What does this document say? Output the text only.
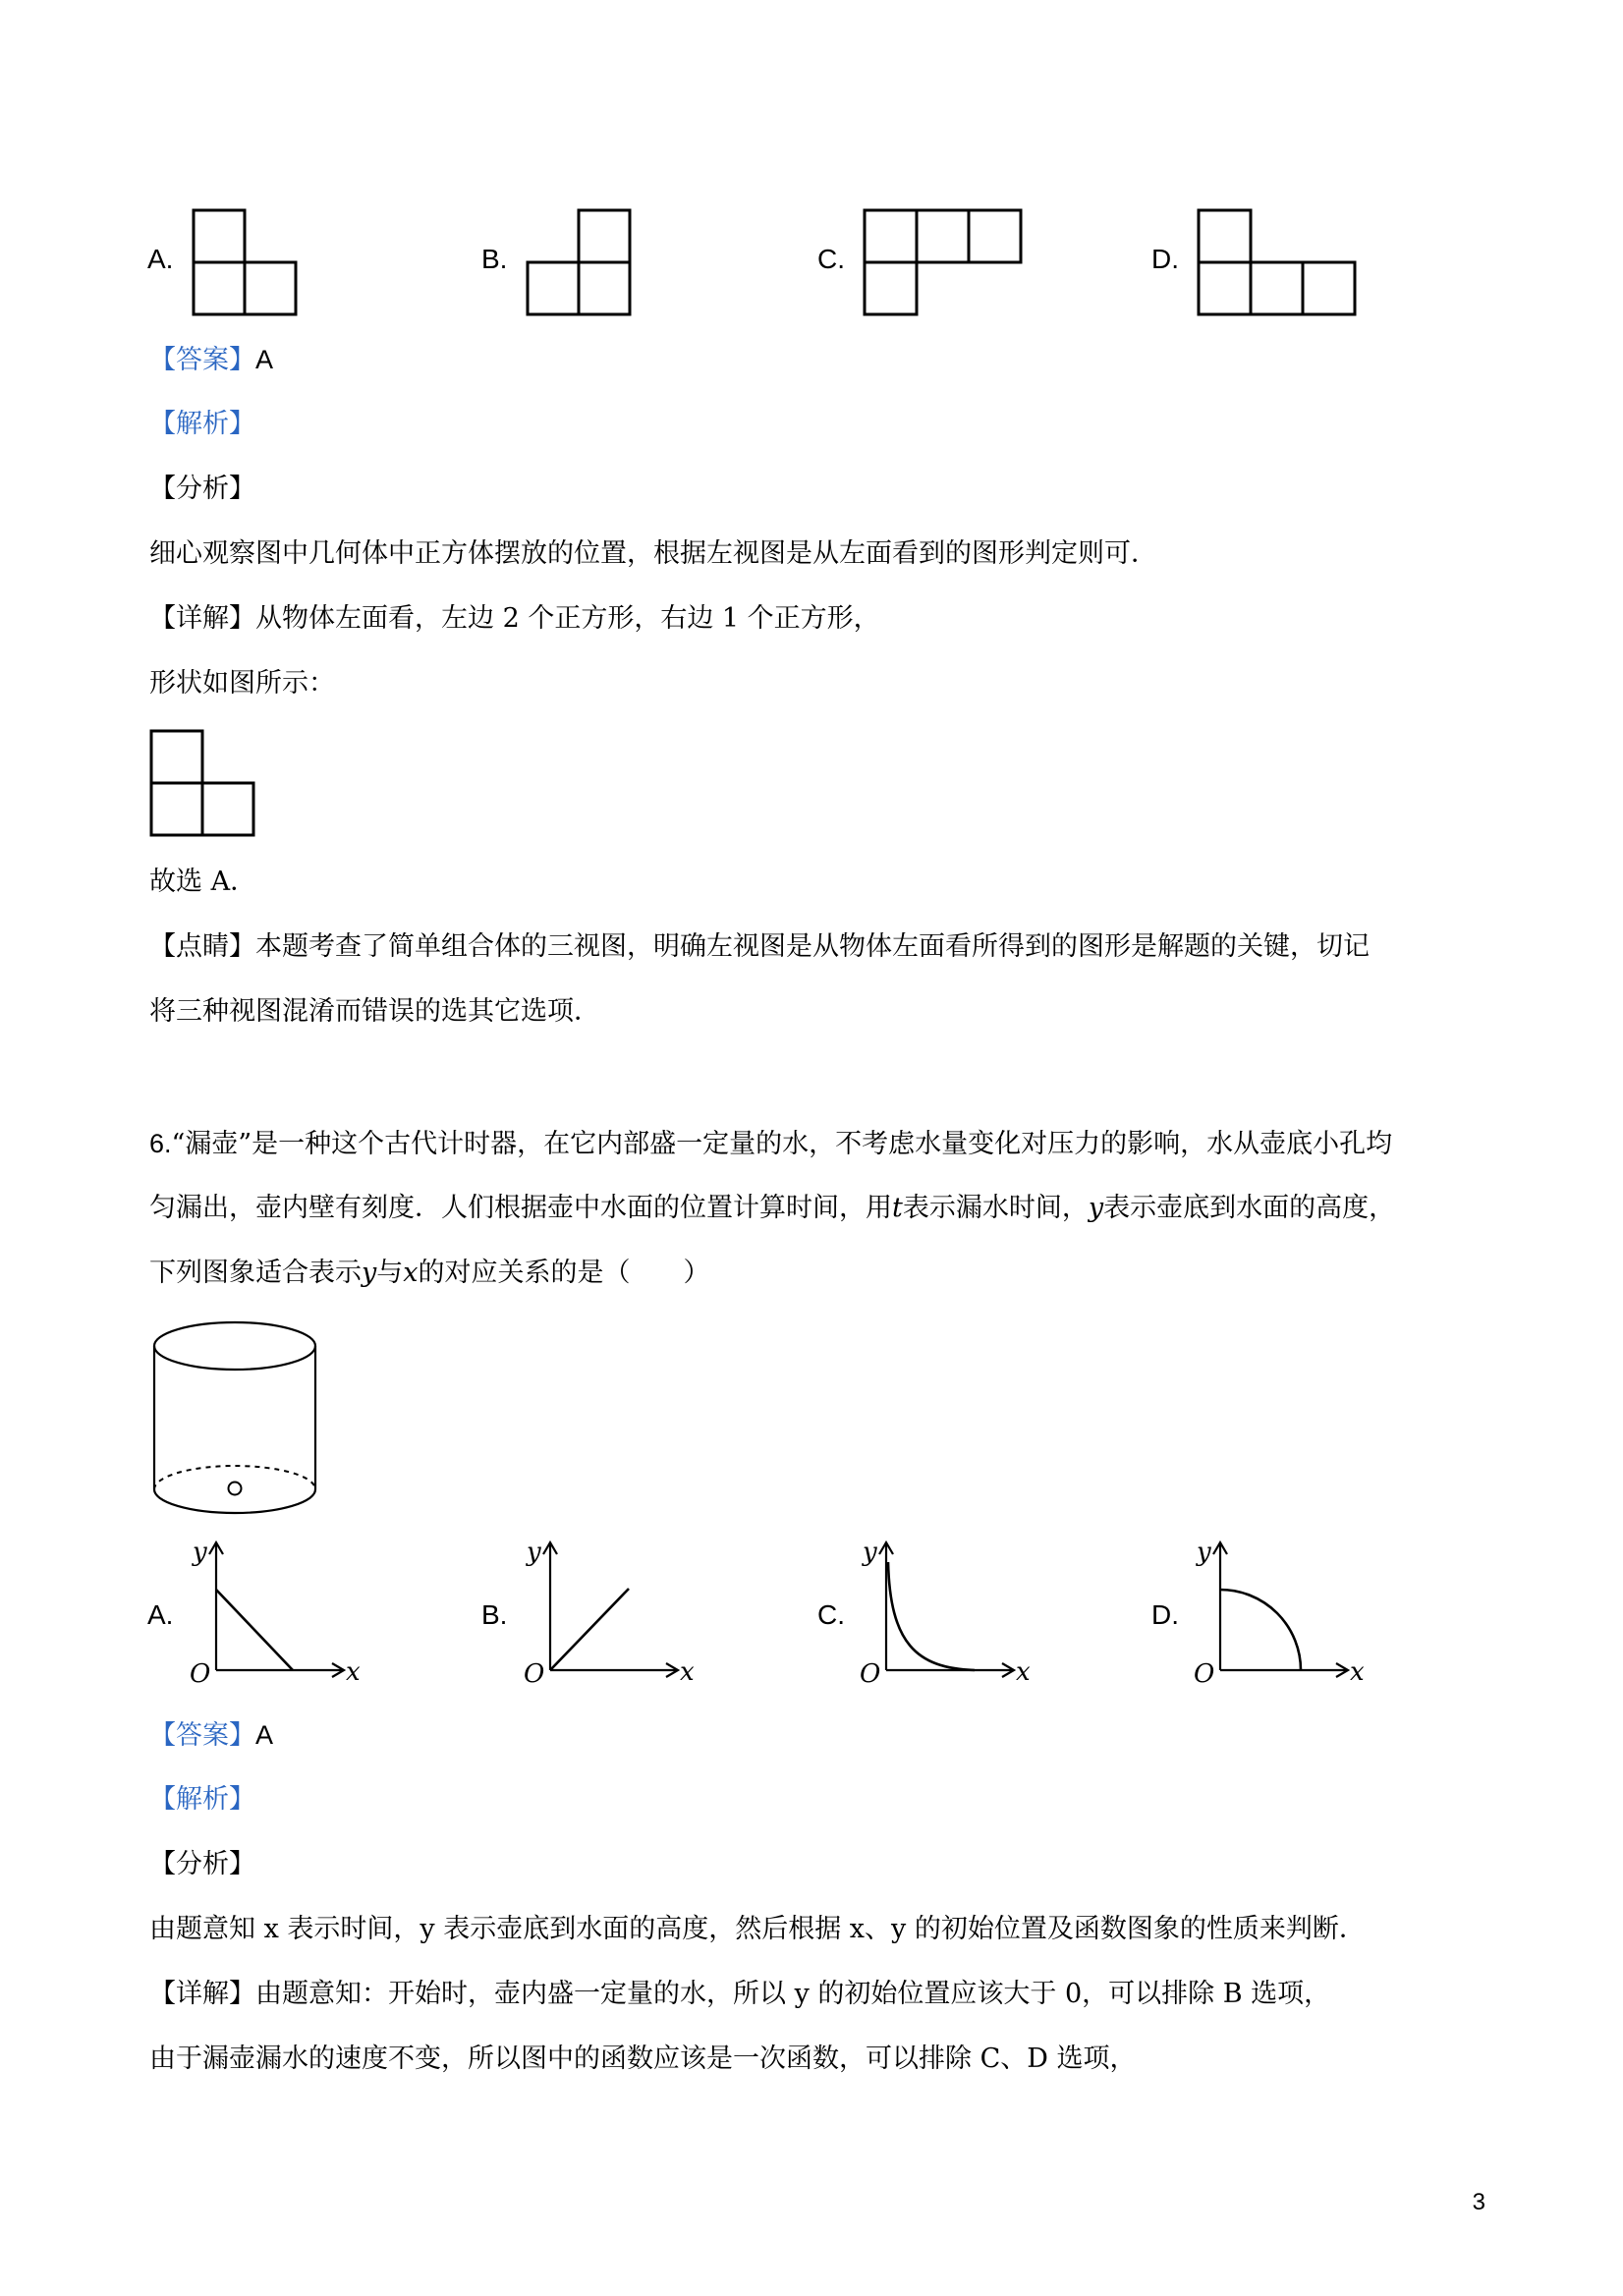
A.	B.	C.	D.
【答案】A
【解析】
【分析】
细心观察图中几何体中正方体摆放的位置，根据左视图是从左面看到的图形判定则可．
【详解】从物体左面看，左边 2 个正方形，右边 1 个正方形，
形状如图所示：
故选 A．
【点睛】本题考查了简单组合体的三视图，明确左视图是从物体左面看所得到的图形是解题的关键，切记
将三种视图混淆而错误的选其它选项．
6.“漏壶”是一种这个古代计时器，在它内部盛一定量的水，不考虑水量变化对压力的影响，水从壶底小孔均
匀漏出，壶内壁有刻度．人们根据壶中水面的位置计算时间，用t表示漏水时间，y表示壶底到水面的高度，
下列图象适合表示y与x的对应关系的是（　　）
A.
y
x
O
B.
y
x
O
C.
y
x
O
D.
y
x
O
【答案】A
【解析】
【分析】
由题意知 x 表示时间，y 表示壶底到水面的高度，然后根据 x、y 的初始位置及函数图象的性质来判断．
【详解】由题意知：开始时，壶内盛一定量的水，所以 y 的初始位置应该大于 0，可以排除 B 选项，
由于漏壶漏水的速度不变，所以图中的函数应该是一次函数，可以排除 C、D 选项，
3
